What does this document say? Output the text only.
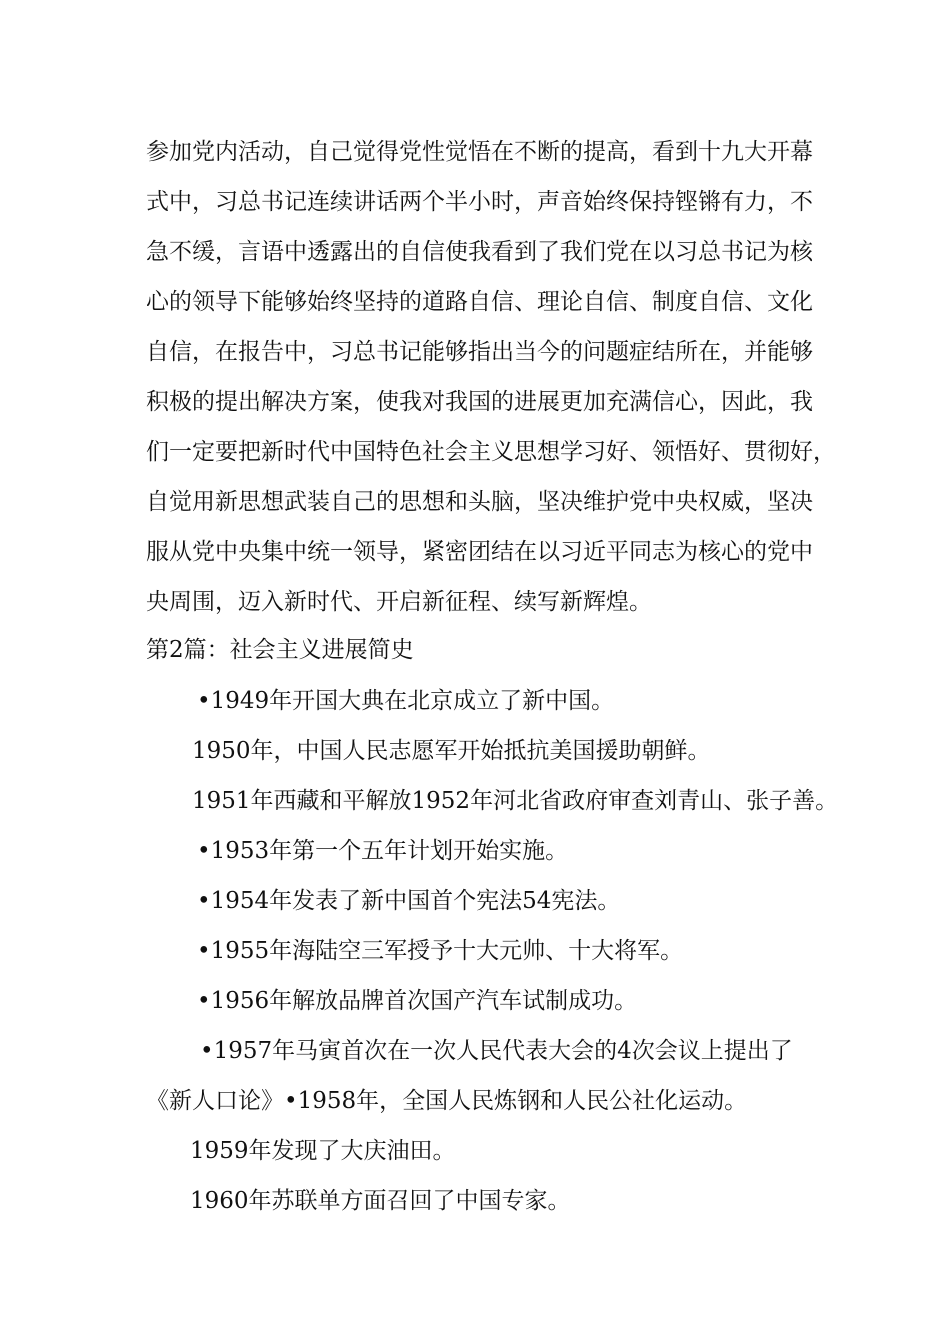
参加党内活动，自己觉得党性觉悟在不断的提高，看到十九大开幕
式中，习总书记连续讲话两个半小时，声音始终保持铿锵有力，不
急不缓，言语中透露出的自信使我看到了我们党在以习总书记为核
心的领导下能够始终坚持的道路自信、理论自信、制度自信、文化
自信，在报告中，习总书记能够指出当今的问题症结所在，并能够
积极的提出解决方案，使我对我国的进展更加充满信心，因此，我
们一定要把新时代中国特色社会主义思想学习好、领悟好、贯彻好，
自觉用新思想武装自己的思想和头脑，坚决维护党中央权威，坚决
服从党中央集中统一领导，紧密团结在以习近平同志为核心的党中
央周围，迈入新时代、开启新征程、续写新辉煌。
第2篇：社会主义进展简史
•1949年开国大典在北京成立了新中国。
1950年，中国人民志愿军开始抵抗美国援助朝鲜。
1951年西藏和平解放1952年河北省政府审查刘青山、张子善。
•1953年第一个五年计划开始实施。
•1954年发表了新中国首个宪法54宪法。
•1955年海陆空三军授予十大元帅、十大将军。
•1956年解放品牌首次国产汽车试制成功。
•1957年马寅首次在一次人民代表大会的4次会议上提出了
《新人口论》•1958年，全国人民炼钢和人民公社化运动。
1959年发现了大庆油田。
1960年苏联单方面召回了中国专家。
